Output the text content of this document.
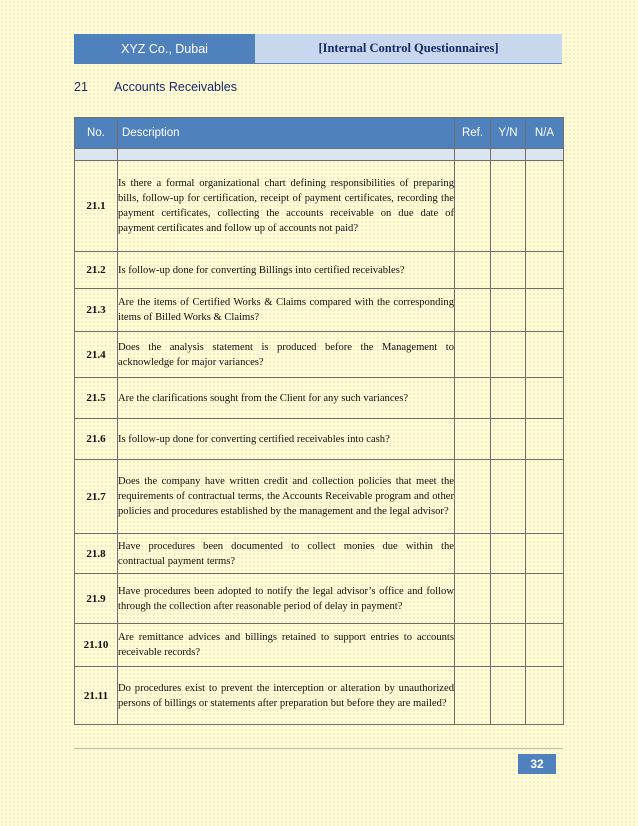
XYZ Co., Dubai	[Internal Control Questionnaires]
21	Accounts Receivables
No.	Description	Ref.	Y/N	N/A

21.1	Is there a formal organizational chart defining responsibilities of preparing bills, follow-up for certification, receipt of payment certificates, recording the payment certificates, collecting the accounts receivable on due date of payment certificates and follow up of accounts not paid?			
21.2	Is follow-up done for converting Billings into certified receivables?			
21.3	Are the items of Certified Works & Claims compared with the corresponding items of Billed Works & Claims?			
21.4	Does the analysis statement is produced before the Management to acknowledge for major variances?			
21.5	Are the clarifications sought from the Client for any such variances?			
21.6	Is follow-up done for converting certified receivables into cash?			
21.7	Does the company have written credit and collection policies that meet the requirements of contractual terms, the Accounts Receivable program and other policies and procedures established by the management and the legal advisor?			
21.8	Have procedures been documented to collect monies due within the contractual payment terms?			
21.9	Have procedures been adopted to notify the legal advisor’s office and follow through the collection after reasonable period of delay in payment?			
21.10	Are remittance advices and billings retained to support entries to accounts receivable records?			
21.11	Do procedures exist to prevent the interception or alteration by unauthorized persons of billings or statements after preparation but before they are mailed?			
32
